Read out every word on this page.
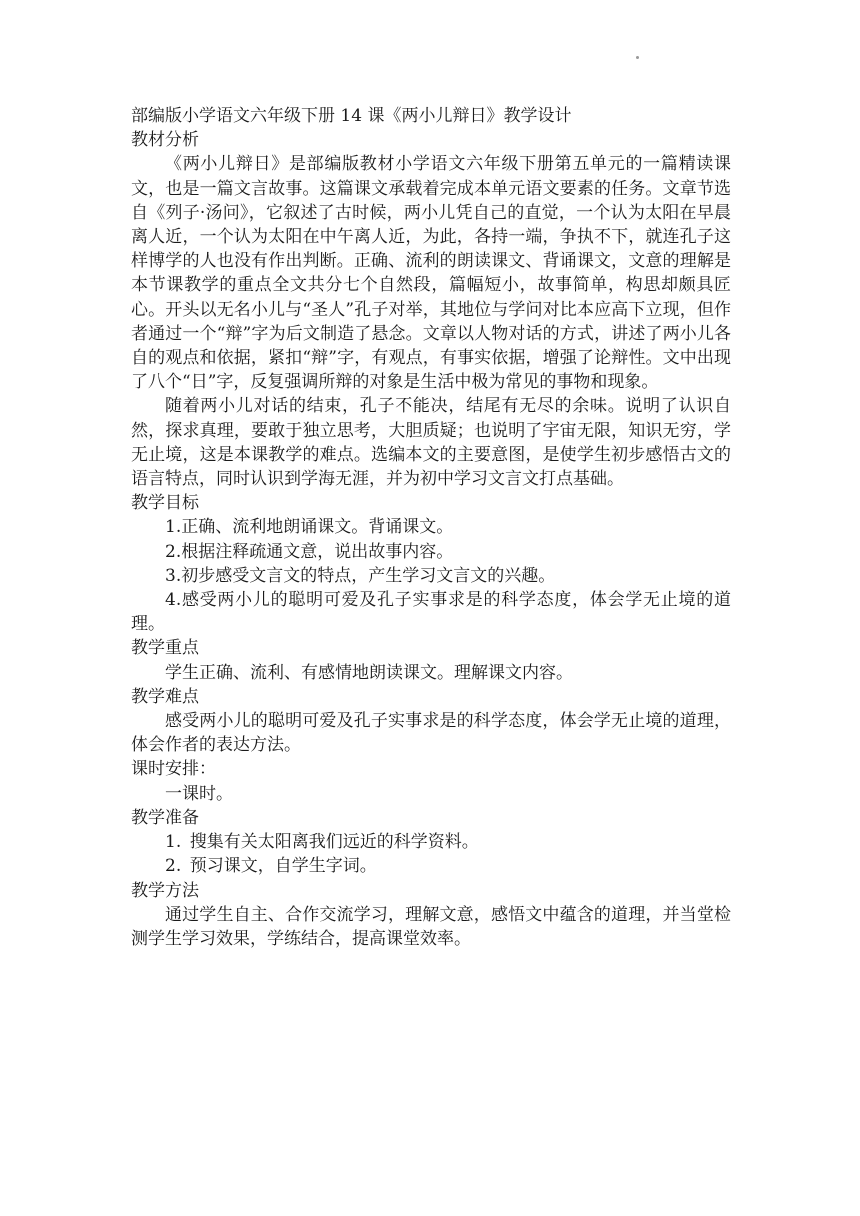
部编版小学语文六年级下册 14 课《两小儿辩日》教学设计

教材分析

《两小儿辩日》是部编版教材小学语文六年级下册第五单元的一篇精读课文，也是一篇文言故事。这篇课文承载着完成本单元语文要素的任务。文章节选自《列子·汤问》，它叙述了古时候，两小儿凭自己的直觉，一个认为太阳在早晨离人近，一个认为太阳在中午离人近，为此，各持一端，争执不下，就连孔子这样博学的人也没有作出判断。正确、流利的朗读课文、背诵课文，文意的理解是本节课教学的重点全文共分七个自然段，篇幅短小，故事简单，构思却颇具匠心。开头以无名小儿与“圣人”孔子对举，其地位与学问对比本应高下立现，但作者通过一个“辩”字为后文制造了悬念。文章以人物对话的方式，讲述了两小儿各自的观点和依据，紧扣“辩”字，有观点，有事实依据，增强了论辩性。文中出现了八个“日”字，反复强调所辩的对象是生活中极为常见的事物和现象。

随着两小儿对话的结束，孔子不能决，结尾有无尽的余味。说明了认识自然，探求真理，要敢于独立思考，大胆质疑；也说明了宇宙无限，知识无穷，学无止境，这是本课教学的难点。选编本文的主要意图，是使学生初步感悟古文的语言特点，同时认识到学海无涯，并为初中学习文言文打点基础。

教学目标

1.正确、流利地朗诵课文。背诵课文。

2.根据注释疏通文意，说出故事内容。

3.初步感受文言文的特点，产生学习文言文的兴趣。

4.感受两小儿的聪明可爱及孔子实事求是的科学态度，体会学无止境的道理。

教学重点

学生正确、流利、有感情地朗读课文。理解课文内容。

教学难点

感受两小儿的聪明可爱及孔子实事求是的科学态度，体会学无止境的道理，体会作者的表达方法。

课时安排：

一课时。

教学准备

1. 搜集有关太阳离我们远近的科学资料。

2. 预习课文，自学生字词。

教学方法

通过学生自主、合作交流学习，理解文意，感悟文中蕴含的道理，并当堂检测学生学习效果，学练结合，提高课堂效率。
